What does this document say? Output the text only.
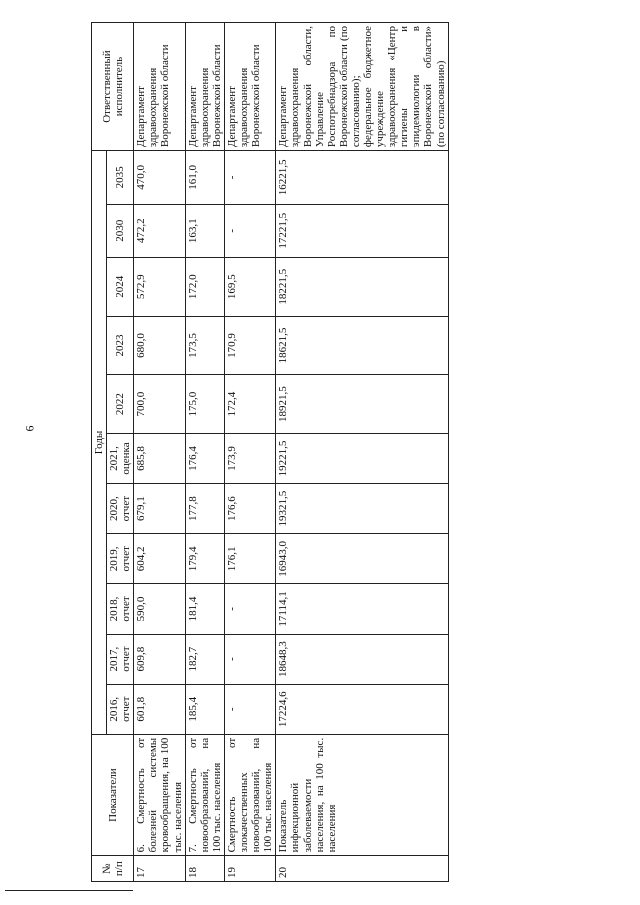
6
№ п/п	Показатели	Годы											Ответственный исполнитель
		2016, отчет	2017, отчет	2018, отчет	2019, отчет	2020, отчет	2021, оценка	2022	2023	2024	2030	2035	
17	6. Смертность от болезней системы кровообращения, на 100 тыс. населения	601,8	609,8	590,0	604,2	679,1	685,8	700,0	680,0	572,9	472,2	470,0	Департамент здравоохранения Воронежской области
18	7. Смертность от новообразований, на 100 тыс. населения	185,4	182,7	181,4	179,4	177,8	176,4	175,0	173,5	172,0	163,1	161,0	Департамент здравоохранения Воронежской области
19	Смертность от злокачественных новообразований, на 100 тыс. населения	-	-	-	176,1	176,6	173,9	172,4	170,9	169,5	-	-	Департамент здравоохранения Воронежской области
20	Показатель инфекционной заболеваемости населения, на 100 тыс. населения	17224,6	18648,3	17114,1	16943,0	19321,5	19221,5	18921,5	18621,5	18221,5	17221,5	16221,5	Департамент здравоохранения Воронежской области, Управление Роспотребнадзора по Воронежской области (по согласованию); федеральное бюджетное учреждение здравоохранения «Центр гигиены и эпидемиологии в Воронежской области» (по согласованию)
